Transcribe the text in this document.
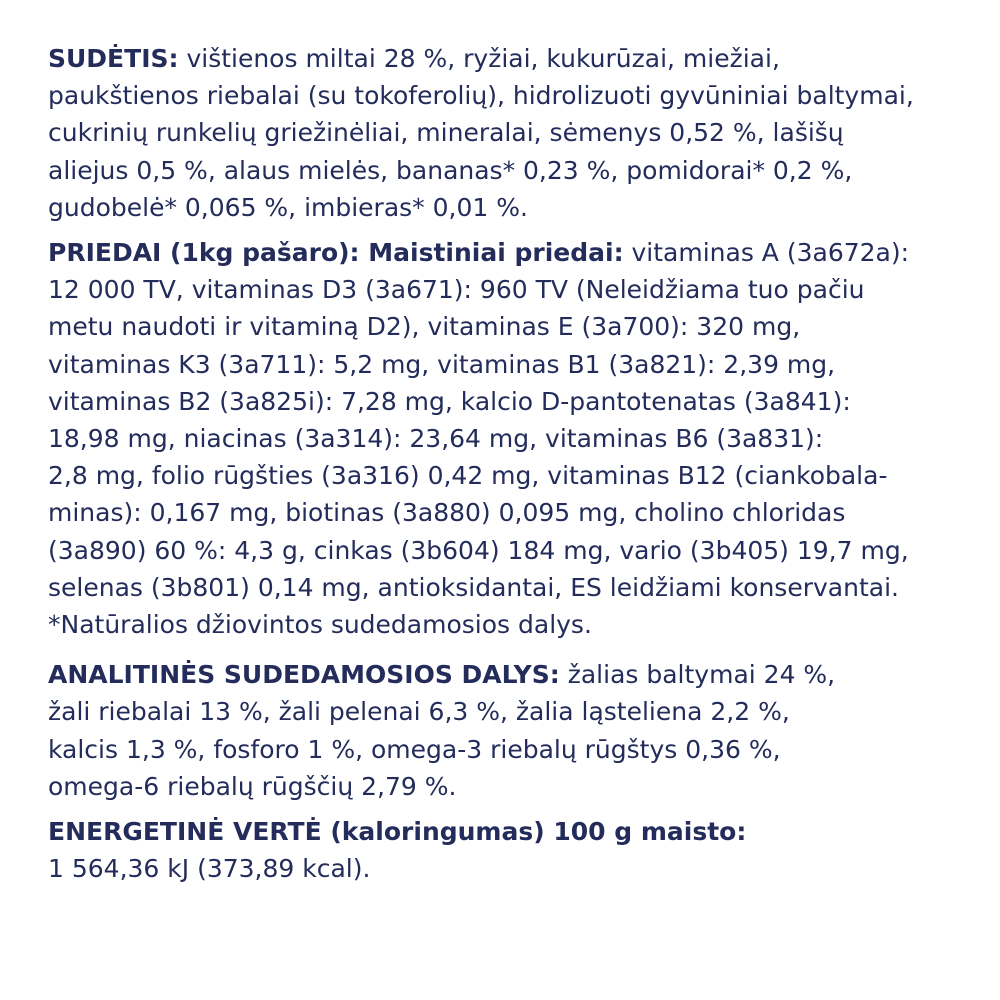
SUDĖTIS: vištienos miltai 28 %, ryžiai, kukurūzai, miežiai,

paukštienos riebalai (su tokoferolių), hidrolizuoti gyvūniniai baltymai,

cukrinių runkelių griežinėliai, mineralai, sėmenys 0,52 %, lašišų

aliejus 0,5 %, alaus mielės, bananas* 0,23 %, pomidorai* 0,2 %,

gudobelė* 0,065 %, imbieras* 0,01 %.

PRIEDAI (1kg pašaro): Maistiniai priedai: vitaminas A (3a672a):

12 000 TV, vitaminas D3 (3a671): 960 TV (Neleidžiama tuo pačiu

metu naudoti ir vitaminą D2), vitaminas E (3a700): 320 mg,

vitaminas K3 (3a711): 5,2 mg, vitaminas B1 (3a821): 2,39 mg,

vitaminas B2 (3a825i): 7,28 mg, kalcio D-pantotenatas (3a841):

18,98 mg, niacinas (3a314): 23,64 mg, vitaminas B6 (3a831):

2,8 mg, folio rūgšties (3a316) 0,42 mg, vitaminas B12 (ciankobala-

minas): 0,167 mg, biotinas (3a880) 0,095 mg, cholino chloridas

(3a890) 60 %: 4,3 g, cinkas (3b604) 184 mg, vario (3b405) 19,7 mg,

selenas (3b801) 0,14 mg, antioksidantai, ES leidžiami konservantai.

*Natūralios džiovintos sudedamosios dalys.

ANALITINĖS SUDEDAMOSIOS DALYS: žalias baltymai 24 %,

žali riebalai 13 %, žali pelenai 6,3 %, žalia ląsteliena 2,2 %,

kalcis 1,3 %, fosforo 1 %, omega-3 riebalų rūgštys 0,36 %,

omega-6 riebalų rūgščių 2,79 %.

ENERGETINĖ VERTĖ (kaloringumas) 100 g maisto:

1 564,36 kJ (373,89 kcal).
